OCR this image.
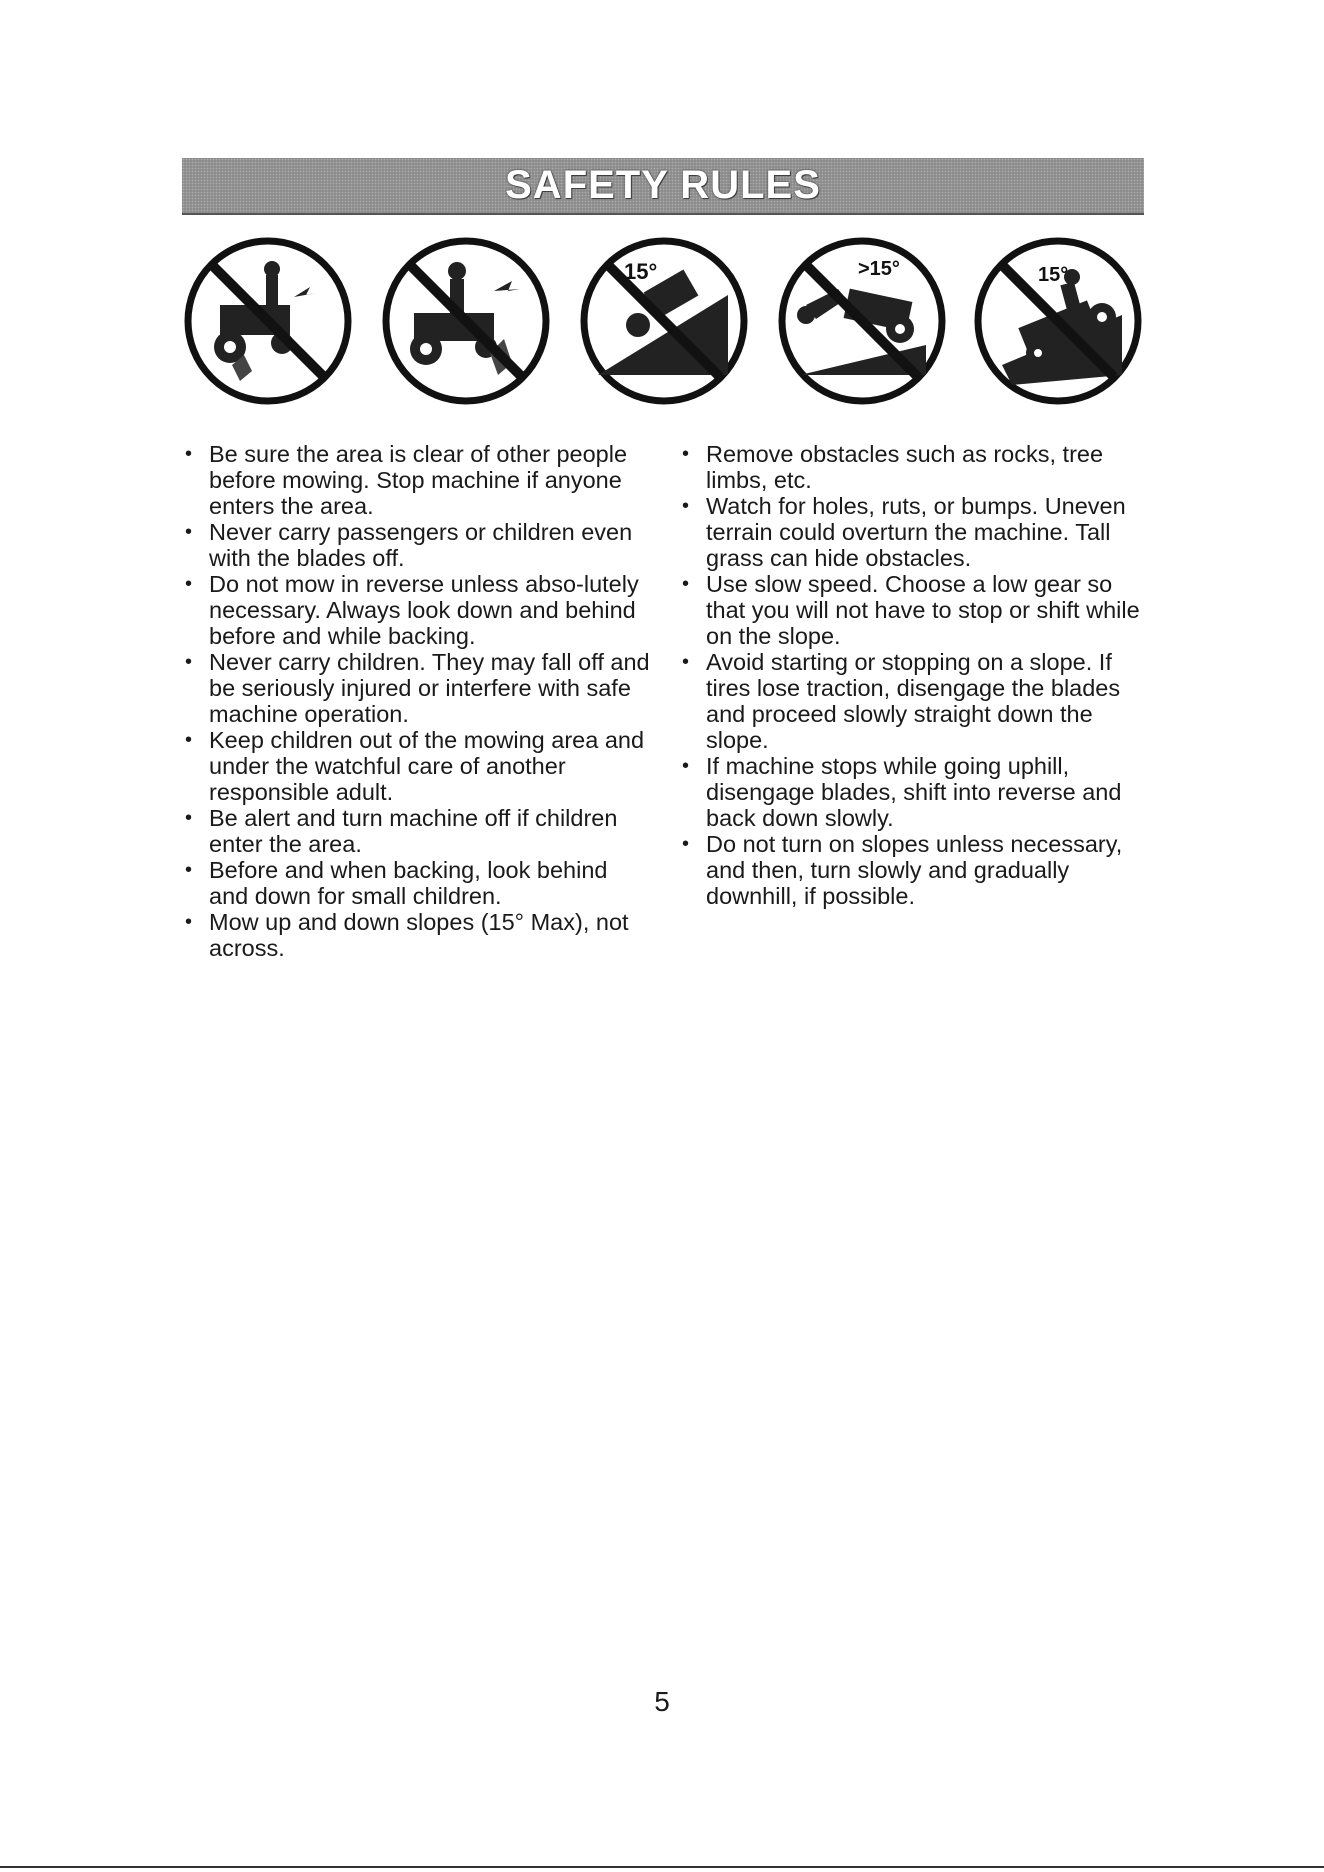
SAFETY RULES
15°	>15°	15°
• Be sure the area is clear of other people before mowing. Stop machine if anyone enters the area.
• Never carry passengers or children even with the blades off.
• Do not mow in reverse unless abso-lutely necessary. Always look down and behind before and while backing.
• Never carry children. They may fall off and be seriously injured or interfere with safe machine operation.
• Keep children out of the mowing area and under the watchful care of another responsible adult.
• Be alert and turn machine off if children enter the area.
• Before and when backing, look behind and down for small children.
• Mow up and down slopes (15° Max), not across.
• Remove obstacles such as rocks, tree limbs, etc.
• Watch for holes, ruts, or bumps. Uneven terrain could overturn the machine. Tall grass can hide obstacles.
• Use slow speed. Choose a low gear so that you will not have to stop or shift while on the slope.
• Avoid starting or stopping on a slope. If tires lose traction, disengage the blades and proceed slowly straight down the slope.
• If machine stops while going uphill, disengage blades, shift into reverse and back down slowly.
• Do not turn on slopes unless necessary, and then, turn slowly and gradually downhill, if possible.
5
